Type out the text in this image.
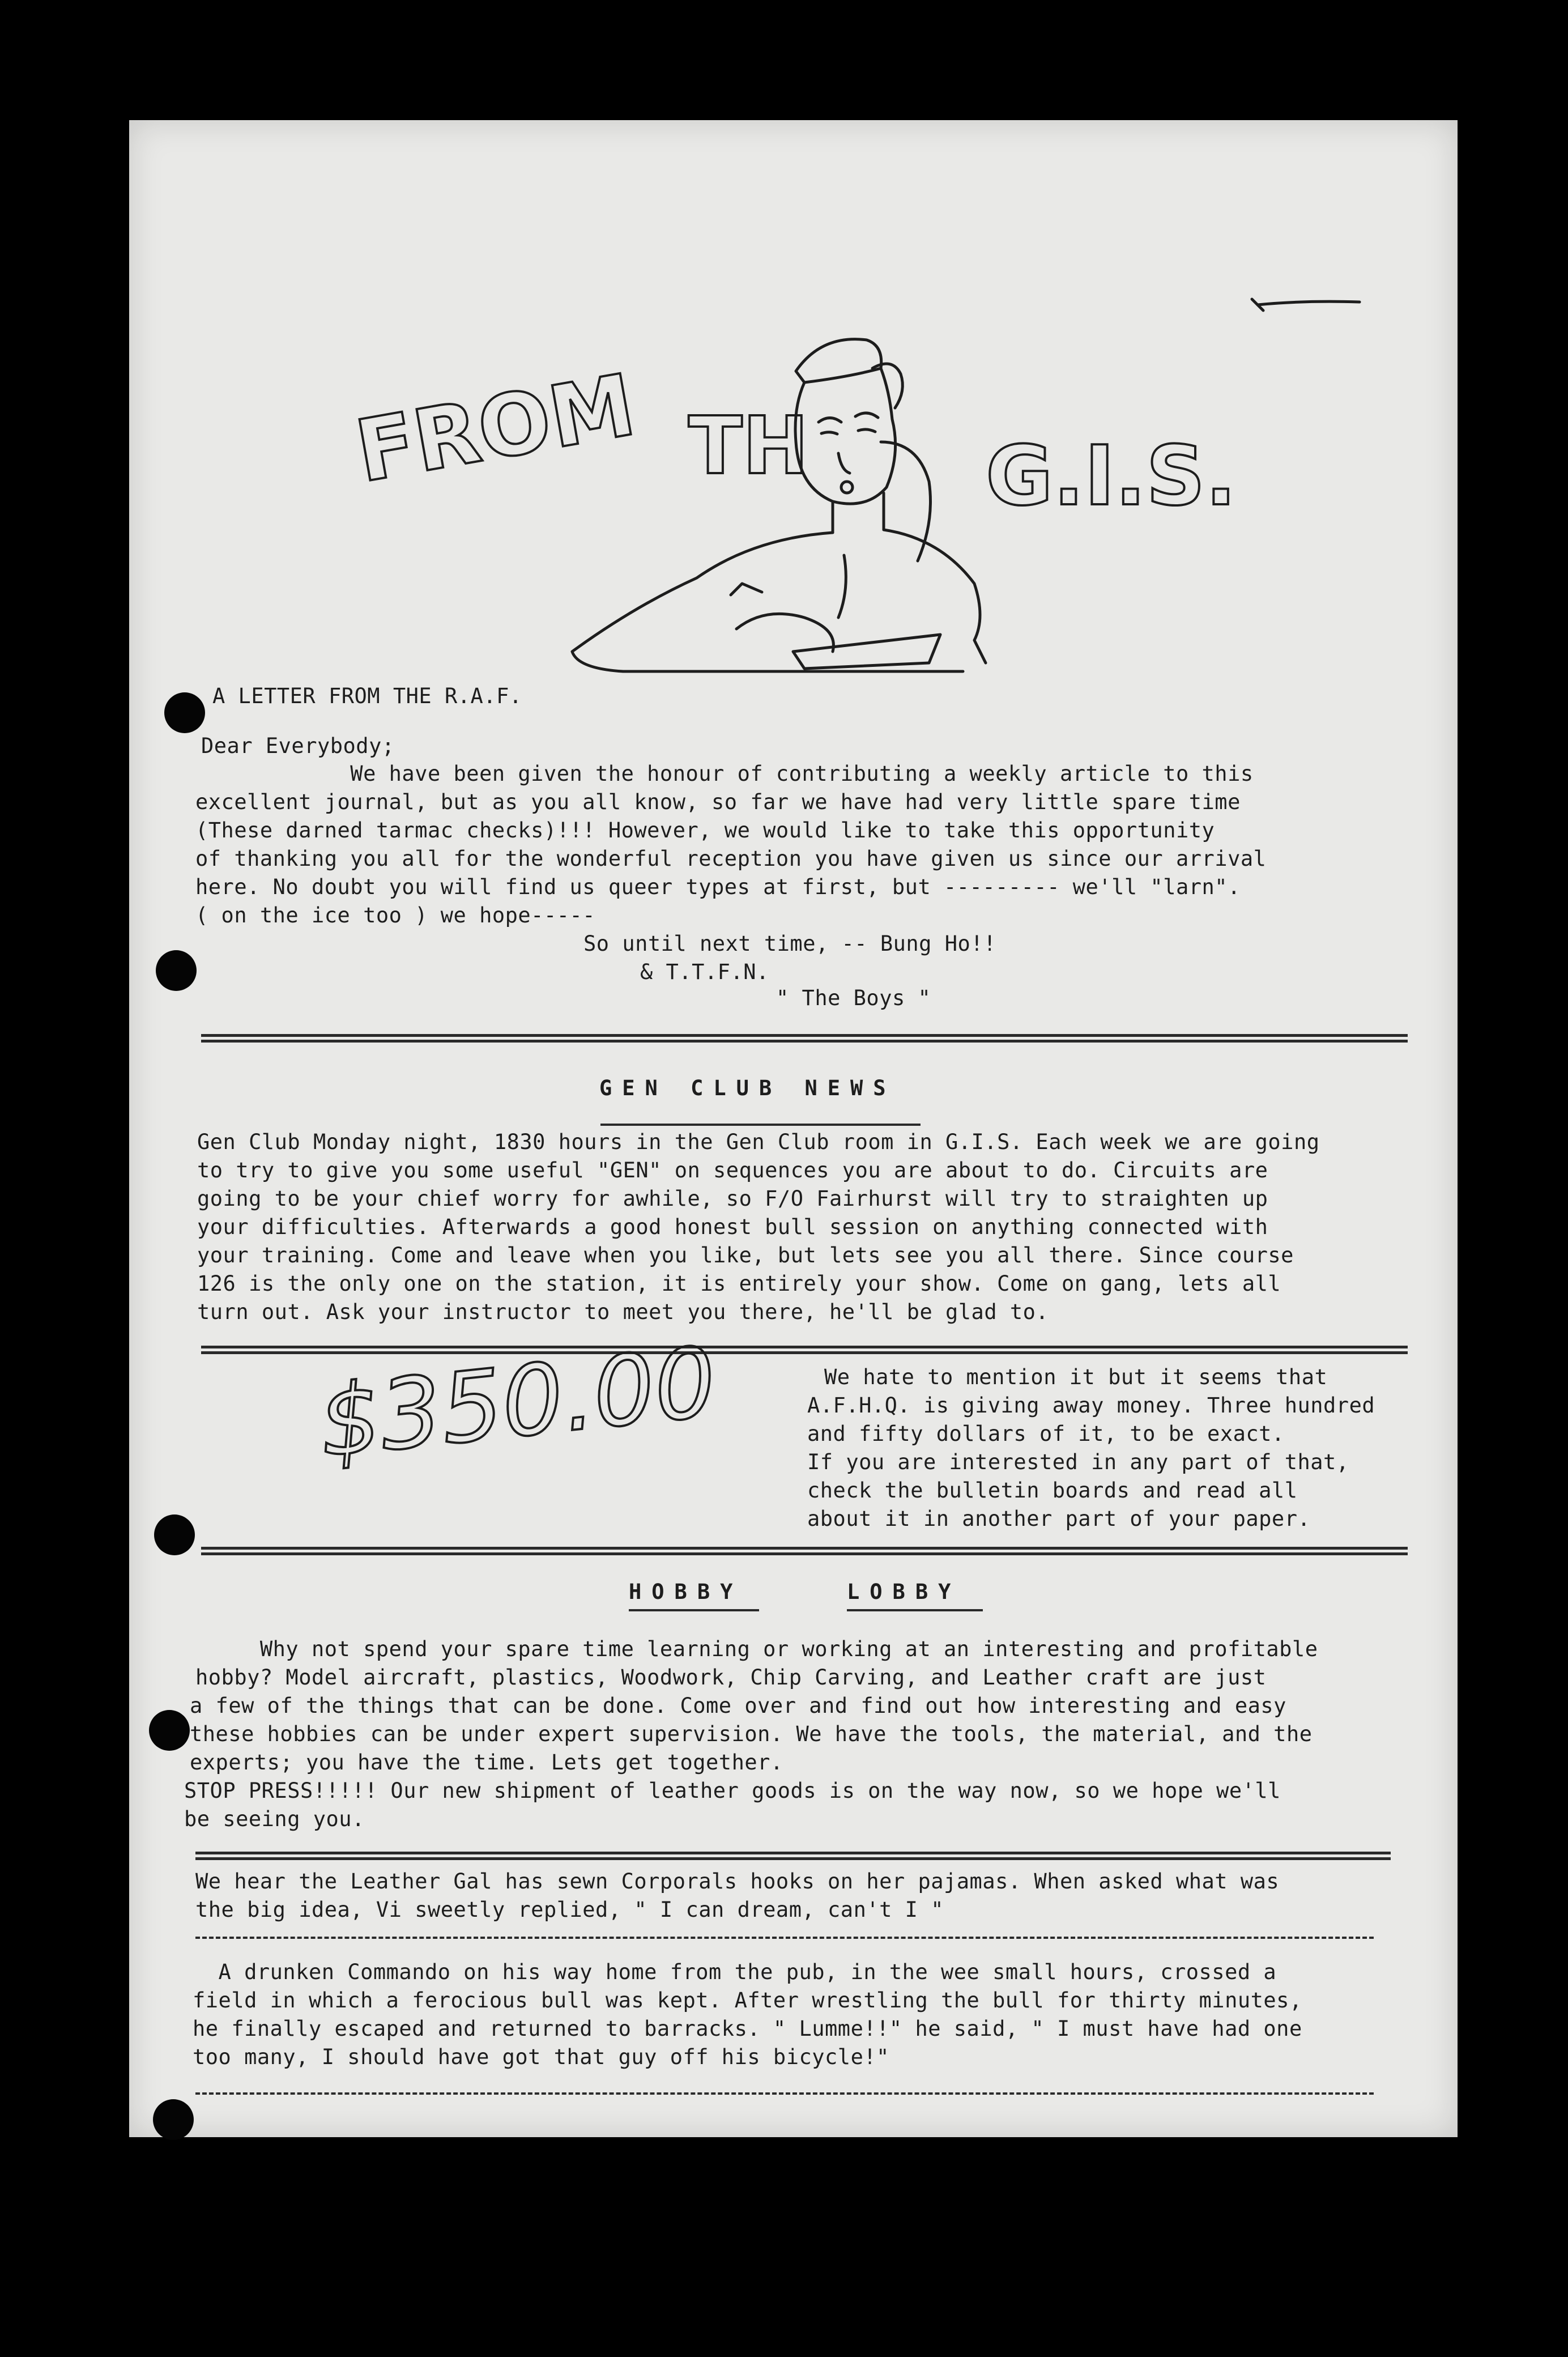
FROM TH G.I.S.
A LETTER FROM THE R.A.F.
Dear Everybody;
We have been given the honour of contributing a weekly article to this
excellent journal, but as you all know, so far we have had very little spare time
(These darned tarmac checks)!!! However, we would like to take this opportunity
of thanking you all for the wonderful reception you have given us since our arrival
here. No doubt you will find us queer types at first, but --------- we'll "larn".
( on the ice too ) we hope-----
So until next time, -- Bung Ho!!
& T.T.F.N.
" The Boys "
GEN CLUB NEWS
Gen Club Monday night, 1830 hours in the Gen Club room in G.I.S. Each week we are going
to try to give you some useful "GEN" on sequences you are about to do. Circuits are
going to be your chief worry for awhile, so F/O Fairhurst will try to straighten up
your difficulties. Afterwards a good honest bull session on anything connected with
your training. Come and leave when you like, but lets see you all there. Since course
126 is the only one on the station, it is entirely your show. Come on gang, lets all
turn out. Ask your instructor to meet you there, he'll be glad to.
$350.00	We hate to mention it but it seems that
A.F.H.Q. is giving away money. Three hundred
and fifty dollars of it, to be exact.
If you are interested in any part of that,
check the bulletin boards and read all
about it in another part of your paper.
HOBBY	LOBBY
Why not spend your spare time learning or working at an interesting and profitable
hobby? Model aircraft, plastics, Woodwork, Chip Carving, and Leather craft are just
a few of the things that can be done. Come over and find out how interesting and easy
these hobbies can be under expert supervision. We have the tools, the material, and the
experts; you have the time. Lets get together.
STOP PRESS!!!!! Our new shipment of leather goods is on the way now, so we hope we'll
be seeing you.
We hear the Leather Gal has sewn Corporals hooks on her pajamas. When asked what was
the big idea, Vi sweetly replied, " I can dream, can't I "
A drunken Commando on his way home from the pub, in the wee small hours, crossed a
field in which a ferocious bull was kept. After wrestling the bull for thirty minutes,
he finally escaped and returned to barracks. " Lumme!!" he said, " I must have had one
too many, I should have got that guy off his bicycle!"
